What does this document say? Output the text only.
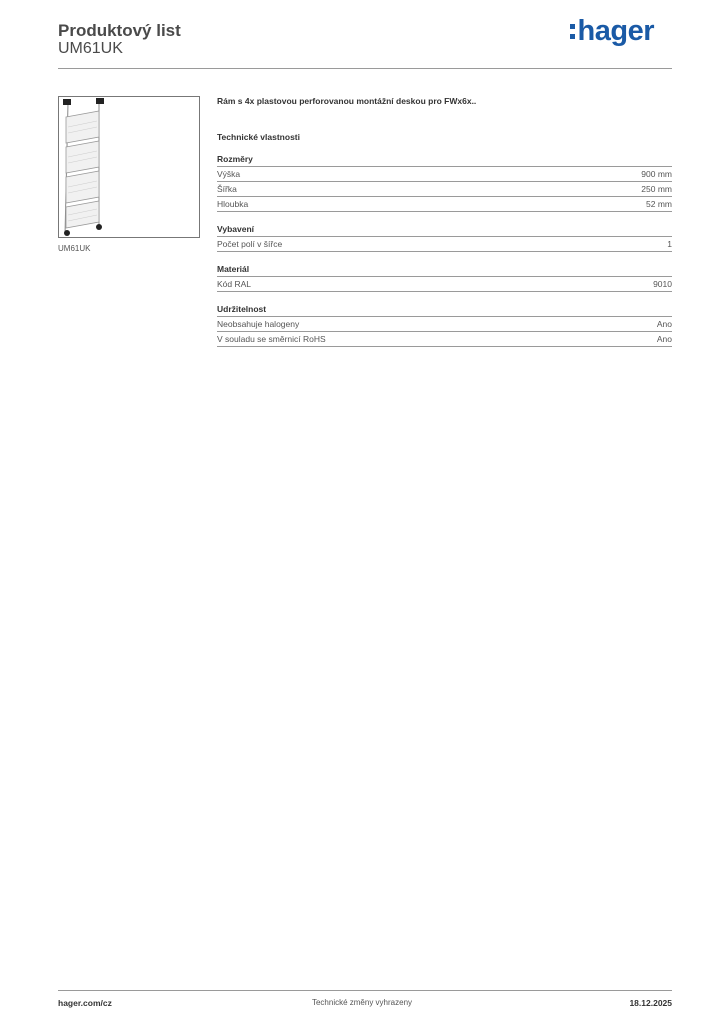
Produktový list
UM61UK
hager
UM61UK
Rám s 4x plastovou perforovanou montážní deskou pro FWx6x..
Technické vlastnosti
Rozměry
Výška	900 mm
Šířka	250 mm
Hloubka	52 mm
Vybavení
Počet polí v šířce	1
Materiál
Kód RAL	9010
Udržitelnost
Neobsahuje halogeny	Ano
V souladu se směrnicí RoHS	Ano
hager.com/cz	Technické změny vyhrazeny	18.12.2025
